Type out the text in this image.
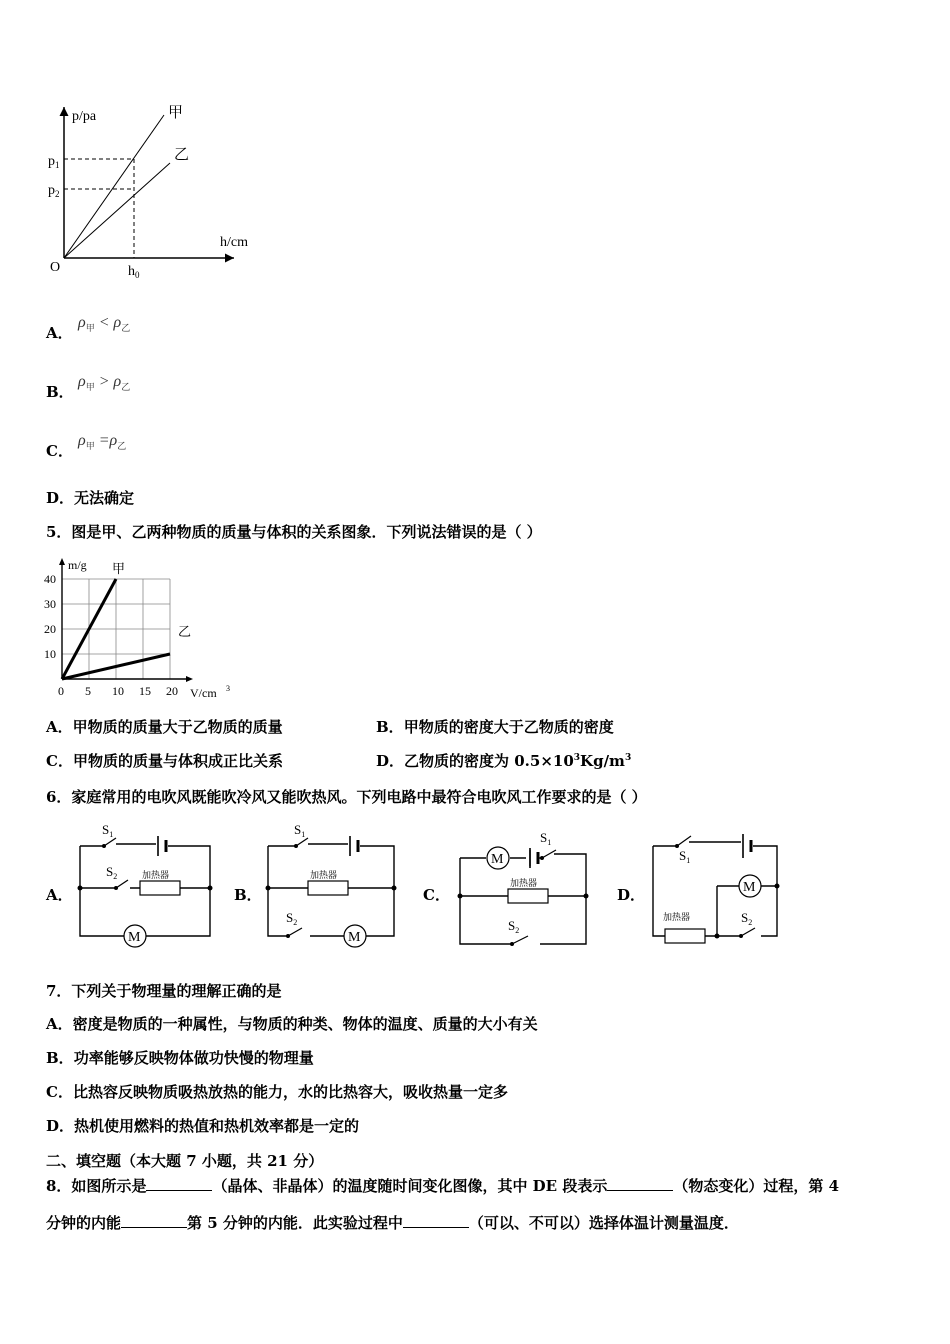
p/pa
h/cm
O
$p_1$
$p_2$
$h_0$
甲
乙
A．
$\rho_甲 < \rho_乙$
B．
$\rho_甲 > \rho_乙$
C．
$\rho_甲 =\rho_乙$
D．无法确定
5．图是甲、乙两种物质的质量与体积的关系图象．下列说法错误的是（ ）
0 5 10 15 20
10
20
30
40
m/g
V/cm 3
甲
乙
A．甲物质的质量大于乙物质的质量	B．甲物质的密度大于乙物质的密度
C．甲物质的质量与体积成正比关系	D．乙物质的密度为 $0.5\times 10^3Kg/m^3$
6．家庭常用的电吹风既能吹冷风又能吹热风。下列电路中最符合电吹风工作要求的是（ ）
A．	B．	C．	D．
M
$S_1$
$S_2$	加热器
M
$S_1$
$S_2$
加热器
M
$S_1$
$S_2$
加热器	M
$S_1$
$S_2$
加热器
7．下列关于物理量的理解正确的是
A．密度是物质的一种属性，与物质的种类、物体的温度、质量的大小有关
B．功率能够反映物体做功快慢的物理量
C．比热容反映物质吸热放热的能力，水的比热容大，吸收热量一定多
D．热机使用燃料的热值和热机效率都是一定的
二、填空题（本大题 7 小题，共 21 分）
8．如图所示是	（晶体、非晶体）的温度随时间变化图像，其中 DE 段表示	（物态变化）过程，第 4
分钟的内能	第 5 分钟的内能．此实验过程中	（可以、不可以）选择体温计测量温度．
